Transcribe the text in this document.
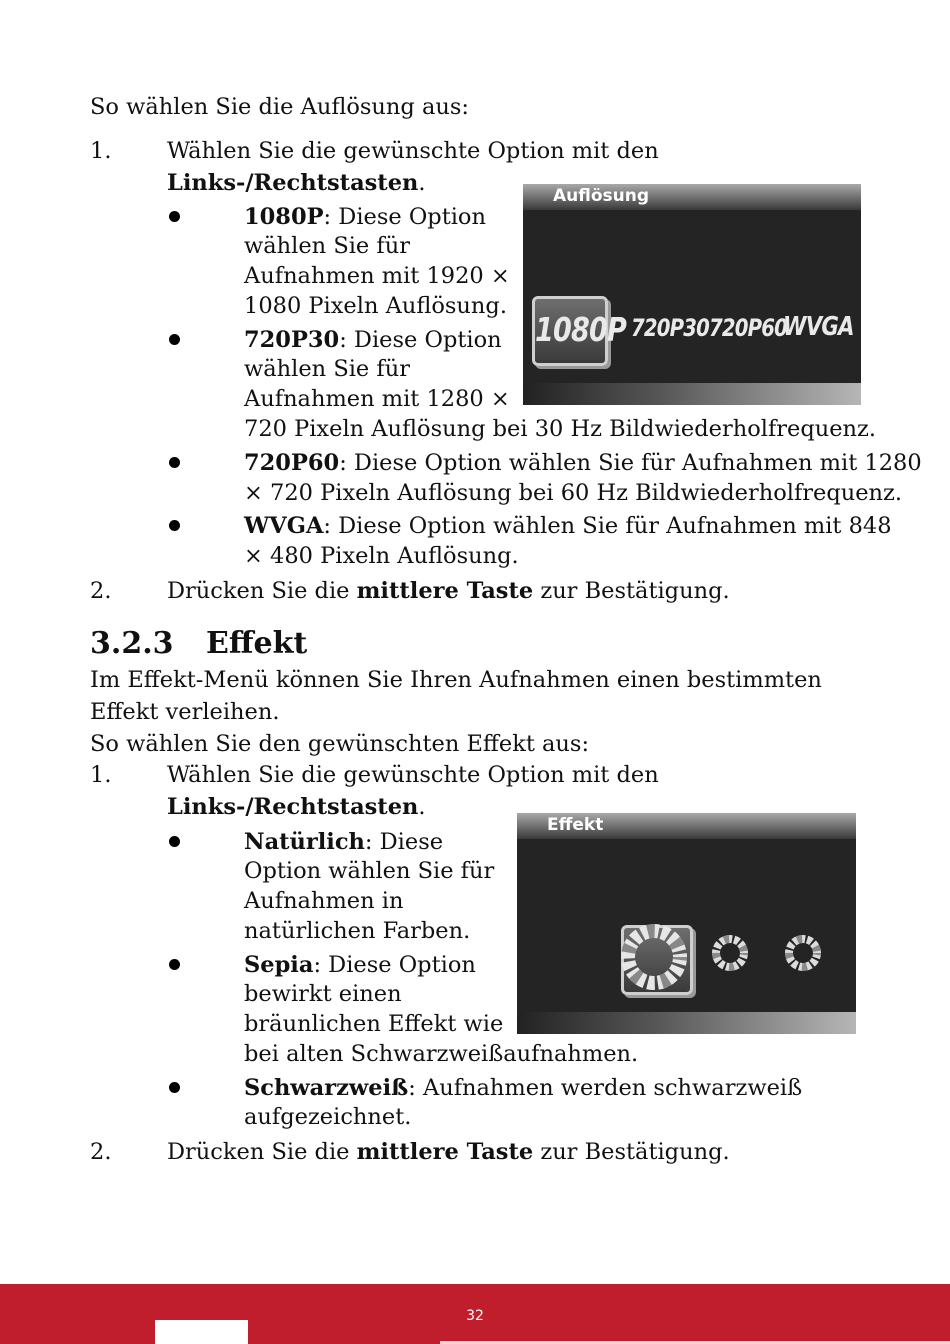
So wählen Sie die Auflösung aus:
1. Wählen Sie die gewünschte Option mit den
Links-/Rechtstasten.
1080P: Diese Option
wählen Sie für
Aufnahmen mit 1920 ×
1080 Pixeln Auflösung.
720P30: Diese Option
wählen Sie für
Aufnahmen mit 1280 ×
720 Pixeln Auflösung bei 30 Hz Bildwiederholfrequenz.
720P60: Diese Option wählen Sie für Aufnahmen mit 1280
× 720 Pixeln Auflösung bei 60 Hz Bildwiederholfrequenz.
WVGA: Diese Option wählen Sie für Aufnahmen mit 848
× 480 Pixeln Auflösung.
2. Drücken Sie die mittlere Taste zur Bestätigung.
Auflösung
1080P 720P30 720P60
WVGA
3.2.3 Effekt
Im Effekt-Menü können Sie Ihren Aufnahmen einen bestimmten
Effekt verleihen.
So wählen Sie den gewünschten Effekt aus:
1. Wählen Sie die gewünschte Option mit den
Links-/Rechtstasten.
Natürlich: Diese
Option wählen Sie für
Aufnahmen in
natürlichen Farben.
Sepia: Diese Option
bewirkt einen
bräunlichen Effekt wie
bei alten Schwarzweißaufnahmen.
Schwarzweiß: Aufnahmen werden schwarzweiß
aufgezeichnet.
2. Drücken Sie die mittlere Taste zur Bestätigung.
Effekt
32
